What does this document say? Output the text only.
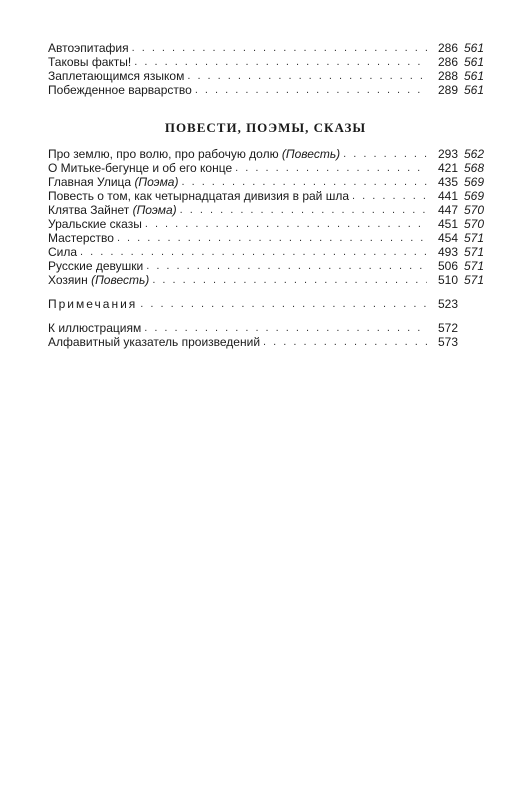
Автоэпитафия . . .	286 561
Таковы факты! . . .	286 561
Заплетающимся языком . . .	288 561
Побежденное варварство . . .	289 561
ПОВЕСТИ, ПОЭМЫ, СКАЗЫ
Про землю, про волю, про рабочую долю (Повесть) . . .	293 562
О Митьке-бегунце и об его конце . . .	421 568
Главная Улица (Поэма) . . .	435 569
Повесть о том, как четырнадцатая дивизия в рай шла . . .	441 569
Клятва Зайнет (Поэма) . . .	447 570
Уральские сказы . . .	451 570
Мастерство . . .	454 571
Сила . . .	493 571
Русские девушки . . .	506 571
Хозяин (Повесть) . . .	510 571
Примечания . . .	523
К иллюстрациям . . .	572
Алфавитный указатель произведений . . .	573
